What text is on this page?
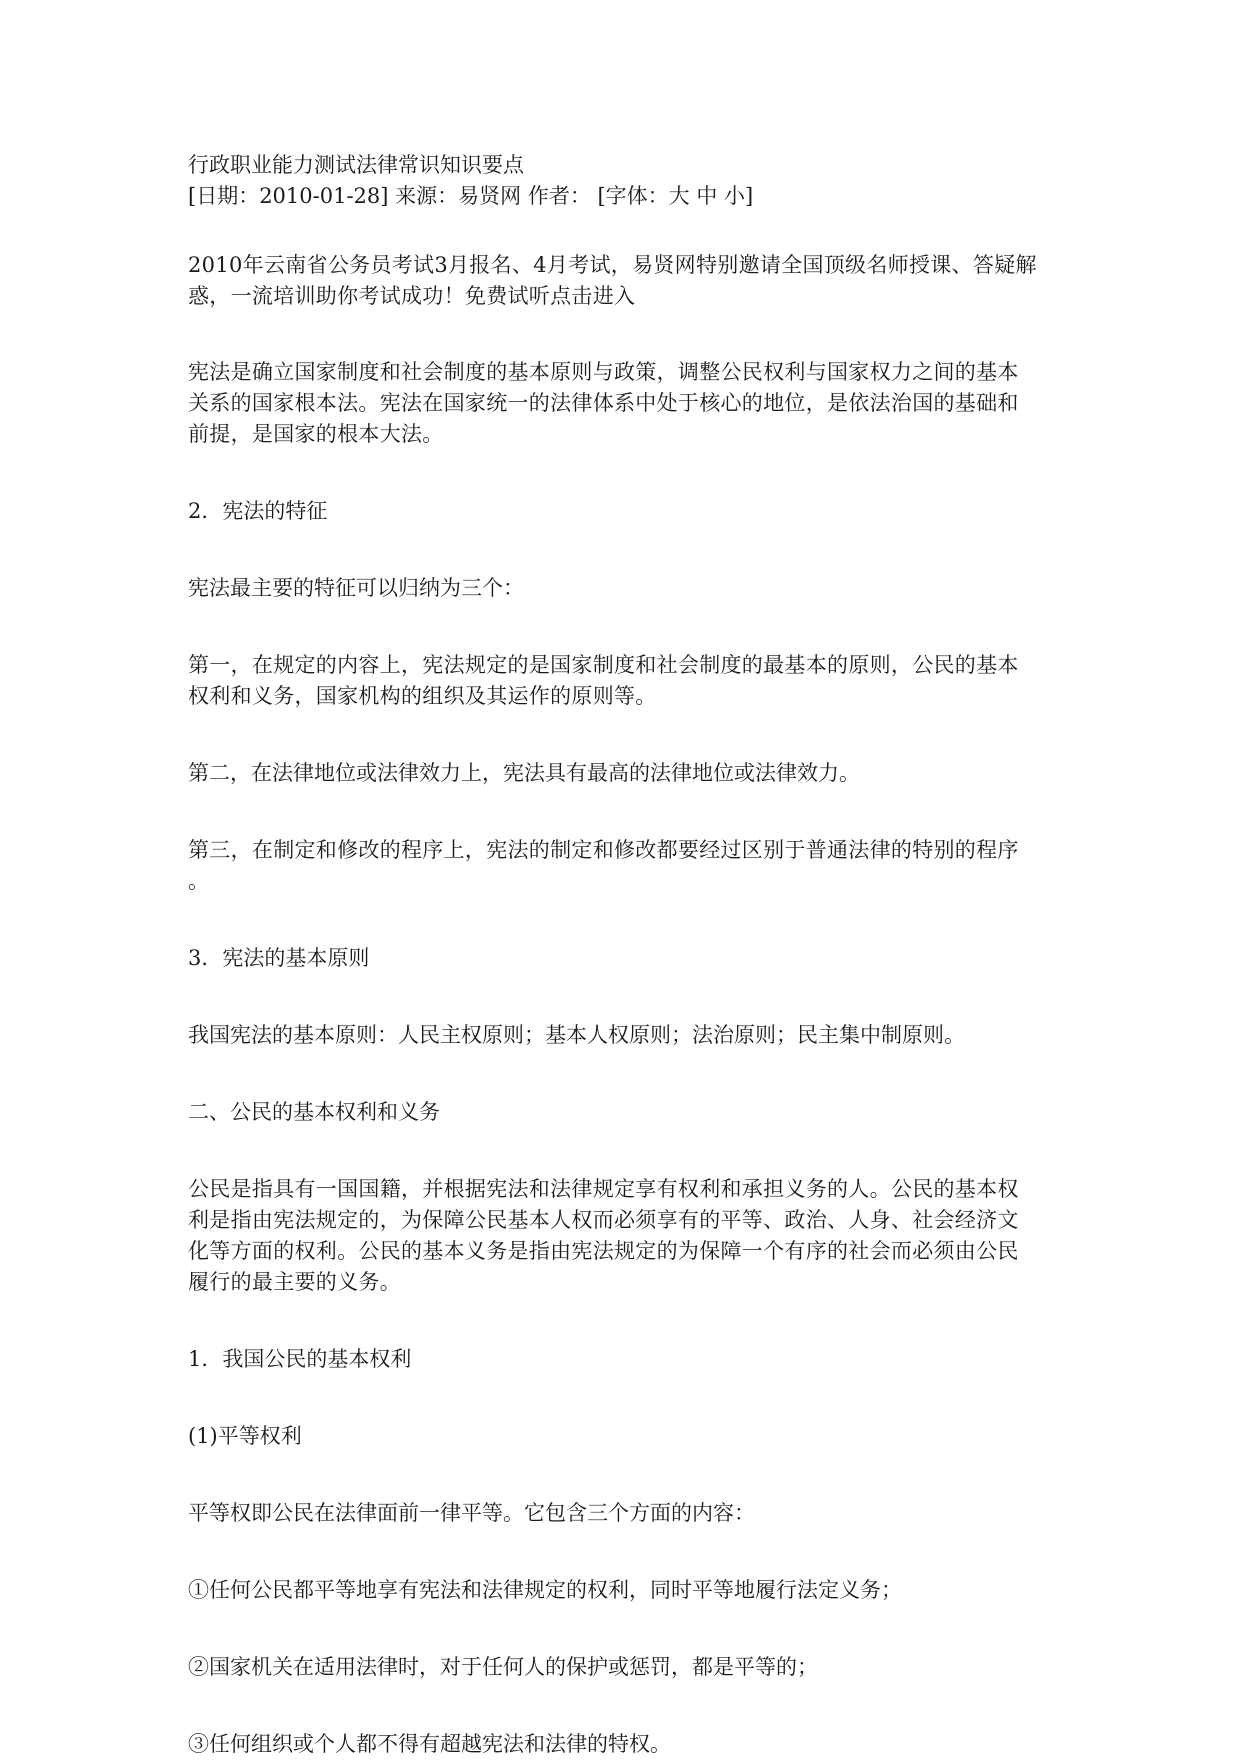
行政职业能力测试法律常识知识要点

[日期：2010-01-28] 来源：易贤网 作者： [字体：大 中 小]

2010年云南省公务员考试3月报名、4月考试，易贤网特别邀请全国顶级名师授课、答疑解

惑，一流培训助你考试成功！免费试听点击进入

宪法是确立国家制度和社会制度的基本原则与政策，调整公民权利与国家权力之间的基本

关系的国家根本法。宪法在国家统一的法律体系中处于核心的地位，是依法治国的基础和

前提，是国家的根本大法。

2．宪法的特征

宪法最主要的特征可以归纳为三个：

第一，在规定的内容上，宪法规定的是国家制度和社会制度的最基本的原则，公民的基本

权利和义务，国家机构的组织及其运作的原则等。

第二，在法律地位或法律效力上，宪法具有最高的法律地位或法律效力。

第三，在制定和修改的程序上，宪法的制定和修改都要经过区别于普通法律的特别的程序

。

3．宪法的基本原则

我国宪法的基本原则：人民主权原则；基本人权原则；法治原则；民主集中制原则。

二、公民的基本权利和义务

公民是指具有一国国籍，并根据宪法和法律规定享有权利和承担义务的人。公民的基本权

利是指由宪法规定的，为保障公民基本人权而必须享有的平等、政治、人身、社会经济文

化等方面的权利。公民的基本义务是指由宪法规定的为保障一个有序的社会而必须由公民

履行的最主要的义务。

1．我国公民的基本权利

(1)平等权利

平等权即公民在法律面前一律平等。它包含三个方面的内容：

①任何公民都平等地享有宪法和法律规定的权利，同时平等地履行法定义务；

②国家机关在适用法律时，对于任何人的保护或惩罚，都是平等的；

③任何组织或个人都不得有超越宪法和法律的特权。
